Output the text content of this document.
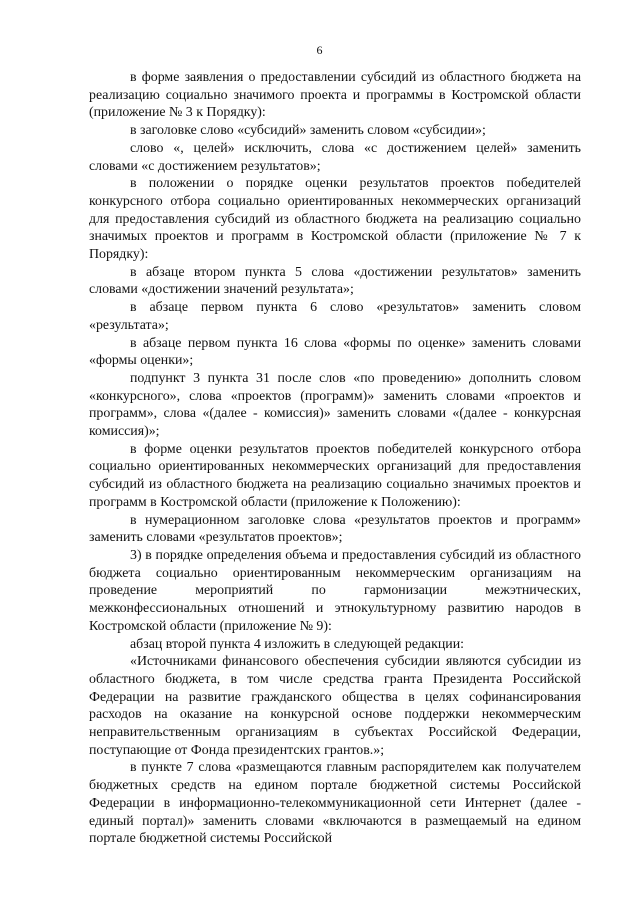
6

в форме заявления о предоставлении субсидий из областного бюджета на реализацию социально значимого проекта и программы в Костромской области (приложение № 3 к Порядку):

в заголовке слово «субсидий» заменить словом «субсидии»;

слово «, целей» исключить, слова «с достижением целей» заменить словами «с достижением результатов»;

в положении о порядке оценки результатов проектов победителей конкурсного отбора социально ориентированных некоммерческих организаций для предоставления субсидий из областного бюджета на реализацию социально значимых проектов и программ в Костромской области (приложение № 7 к Порядку):

в абзаце втором пункта 5 слова «достижении результатов» заменить словами «достижении значений результата»;

в абзаце первом пункта 6 слово «результатов» заменить словом «результата»;

в абзаце первом пункта 16 слова «формы по оценке» заменить словами «формы оценки»;

подпункт 3 пункта 31 после слов «по проведению» дополнить словом «конкурсного», слова «проектов (программ)» заменить словами «проектов и программ», слова «(далее - комиссия)» заменить словами «(далее - конкурсная комиссия)»;

в форме оценки результатов проектов победителей конкурсного отбора социально ориентированных некоммерческих организаций для предоставления субсидий из областного бюджета на реализацию социально значимых проектов и программ в Костромской области (приложение к Положению):

в нумерационном заголовке слова «результатов проектов и программ» заменить словами «результатов проектов»;

3) в порядке определения объема и предоставления субсидий из областного бюджета социально ориентированным некоммерческим организациям на проведение мероприятий по гармонизации межэтнических, межконфессиональных отношений и этнокультурному развитию народов в Костромской области (приложение № 9):

абзац второй пункта 4 изложить в следующей редакции:

«Источниками финансового обеспечения субсидии являются субсидии из областного бюджета, в том числе средства гранта Президента Российской Федерации на развитие гражданского общества в целях софинансирования расходов на оказание на конкурсной основе поддержки некоммерческим неправительственным организациям в субъектах Российской Федерации, поступающие от Фонда президентских грантов.»;

в пункте 7 слова «размещаются главным распорядителем как получателем бюджетных средств на едином портале бюджетной системы Российской Федерации в информационно-телекоммуникационной сети Интернет (далее - единый портал)» заменить словами «включаются в размещаемый на едином портале бюджетной системы Российской
